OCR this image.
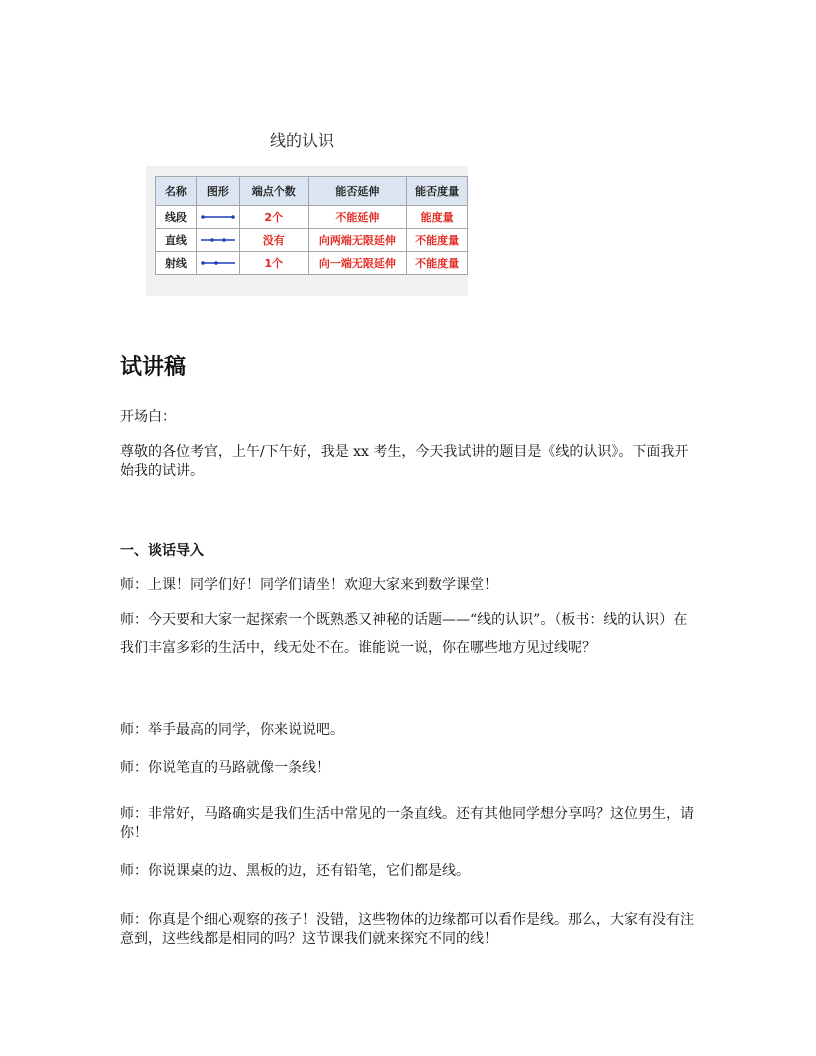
线的认识
名称	图形	端点个数	能否延伸	能否度量
线段		2个	不能延伸	能度量
直线		没有	向两端无限延伸	不能度量
射线		1个	向一端无限延伸	不能度量
试讲稿
开场白：
尊敬的各位考官，上午/下午好，我是 xx 考生，今天我试讲的题目是《线的认识》。下面我开始我的试讲。
一、谈话导入
师：上课！同学们好！同学们请坐！欢迎大家来到数学课堂！
师：今天要和大家一起探索一个既熟悉又神秘的话题——“线的认识”。（板书：线的认识）在我们丰富多彩的生活中，线无处不在。谁能说一说，你在哪些地方见过线呢？
师：举手最高的同学，你来说说吧。
师：你说笔直的马路就像一条线！
师：非常好，马路确实是我们生活中常见的一条直线。还有其他同学想分享吗？这位男生，请你！
师：你说课桌的边、黑板的边，还有铅笔，它们都是线。
师：你真是个细心观察的孩子！没错，这些物体的边缘都可以看作是线。那么，大家有没有注意到，这些线都是相同的吗？这节课我们就来探究不同的线！
